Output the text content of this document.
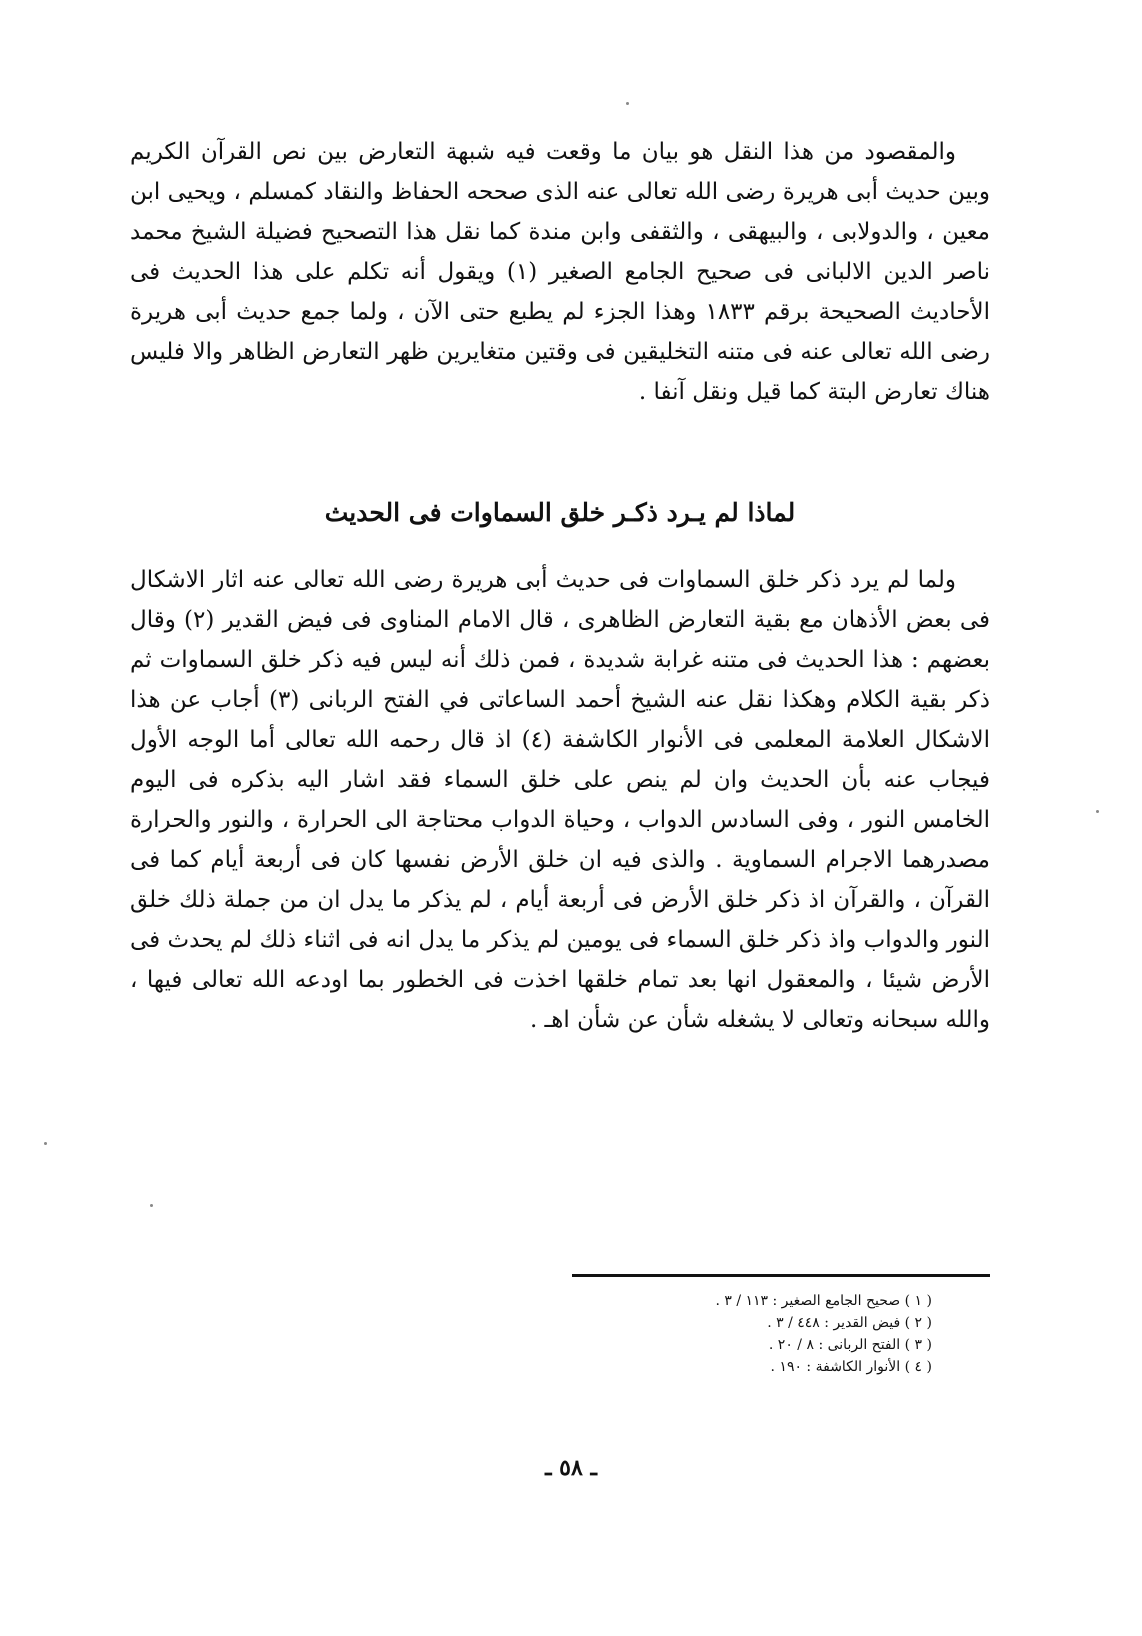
والمقصود من هذا النقل هو بيان ما وقعت فيه شبهة التعارض بين نص القرآن الكريم وبين حديث أبى هريرة رضى الله تعالى عنه الذى صححه الحفاظ والنقاد كمسلم ، ويحيى ابن معين ، والدولابى ، والبيهقى ، والثقفى وابن مندة كما نقل هذا التصحيح فضيلة الشيخ محمد ناصر الدين الالبانى فى صحيح الجامع الصغير (١) ويقول أنه تكلم على هذا الحديث فى الأحاديث الصحيحة برقم ١٨٣٣ وهذا الجزء لم يطبع حتى الآن ، ولما جمع حديث أبى هريرة رضى الله تعالى عنه فى متنه التخليقين فى وقتين متغايرين ظهر التعارض الظاهر والا فليس هناك تعارض البتة كما قيل ونقل آنفا .

لماذا لم يـرد ذكـر خلق السماوات فى الحديث

ولما لم يرد ذكر خلق السماوات فى حديث أبى هريرة رضى الله تعالى عنه اثار الاشكال فى بعض الأذهان مع بقية التعارض الظاهرى ، قال الامام المناوى فى فيض القدير (٢) وقال بعضهم : هذا الحديث فى متنه غرابة شديدة ، فمن ذلك أنه ليس فيه ذكر خلق السماوات ثم ذكر بقية الكلام وهكذا نقل عنه الشيخ أحمد الساعاتى في الفتح الربانى (٣) أجاب عن هذا الاشكال العلامة المعلمى فى الأنوار الكاشفة (٤) اذ قال رحمه الله تعالى أما الوجه الأول فيجاب عنه بأن الحديث وان لم ينص على خلق السماء فقد اشار اليه بذكره فى اليوم الخامس النور ، وفى السادس الدواب ، وحياة الدواب محتاجة الى الحرارة ، والنور والحرارة مصدرهما الاجرام السماوية . والذى فيه ان خلق الأرض نفسها كان فى أربعة أيام كما فى القرآن ، والقرآن اذ ذكر خلق الأرض فى أربعة أيام ، لم يذكر ما يدل ان من جملة ذلك خلق النور والدواب واذ ذكر خلق السماء فى يومين لم يذكر ما يدل انه فى اثناء ذلك لم يحدث فى الأرض شيئا ، والمعقول انها بعد تمام خلقها اخذت فى الخطور بما اودعه الله تعالى فيها ، والله سبحانه وتعالى لا يشغله شأن عن شأن اهـ .

( ١ ) صحيح الجامع الصغير : ١١٣ / ٣ .
( ٢ ) فيض القدير : ٤٤٨ / ٣ .
( ٣ ) الفتح الربانى : ٨ / ٢٠ .
( ٤ ) الأنوار الكاشفة : ١٩٠ .
ـ ٥٨ ـ
